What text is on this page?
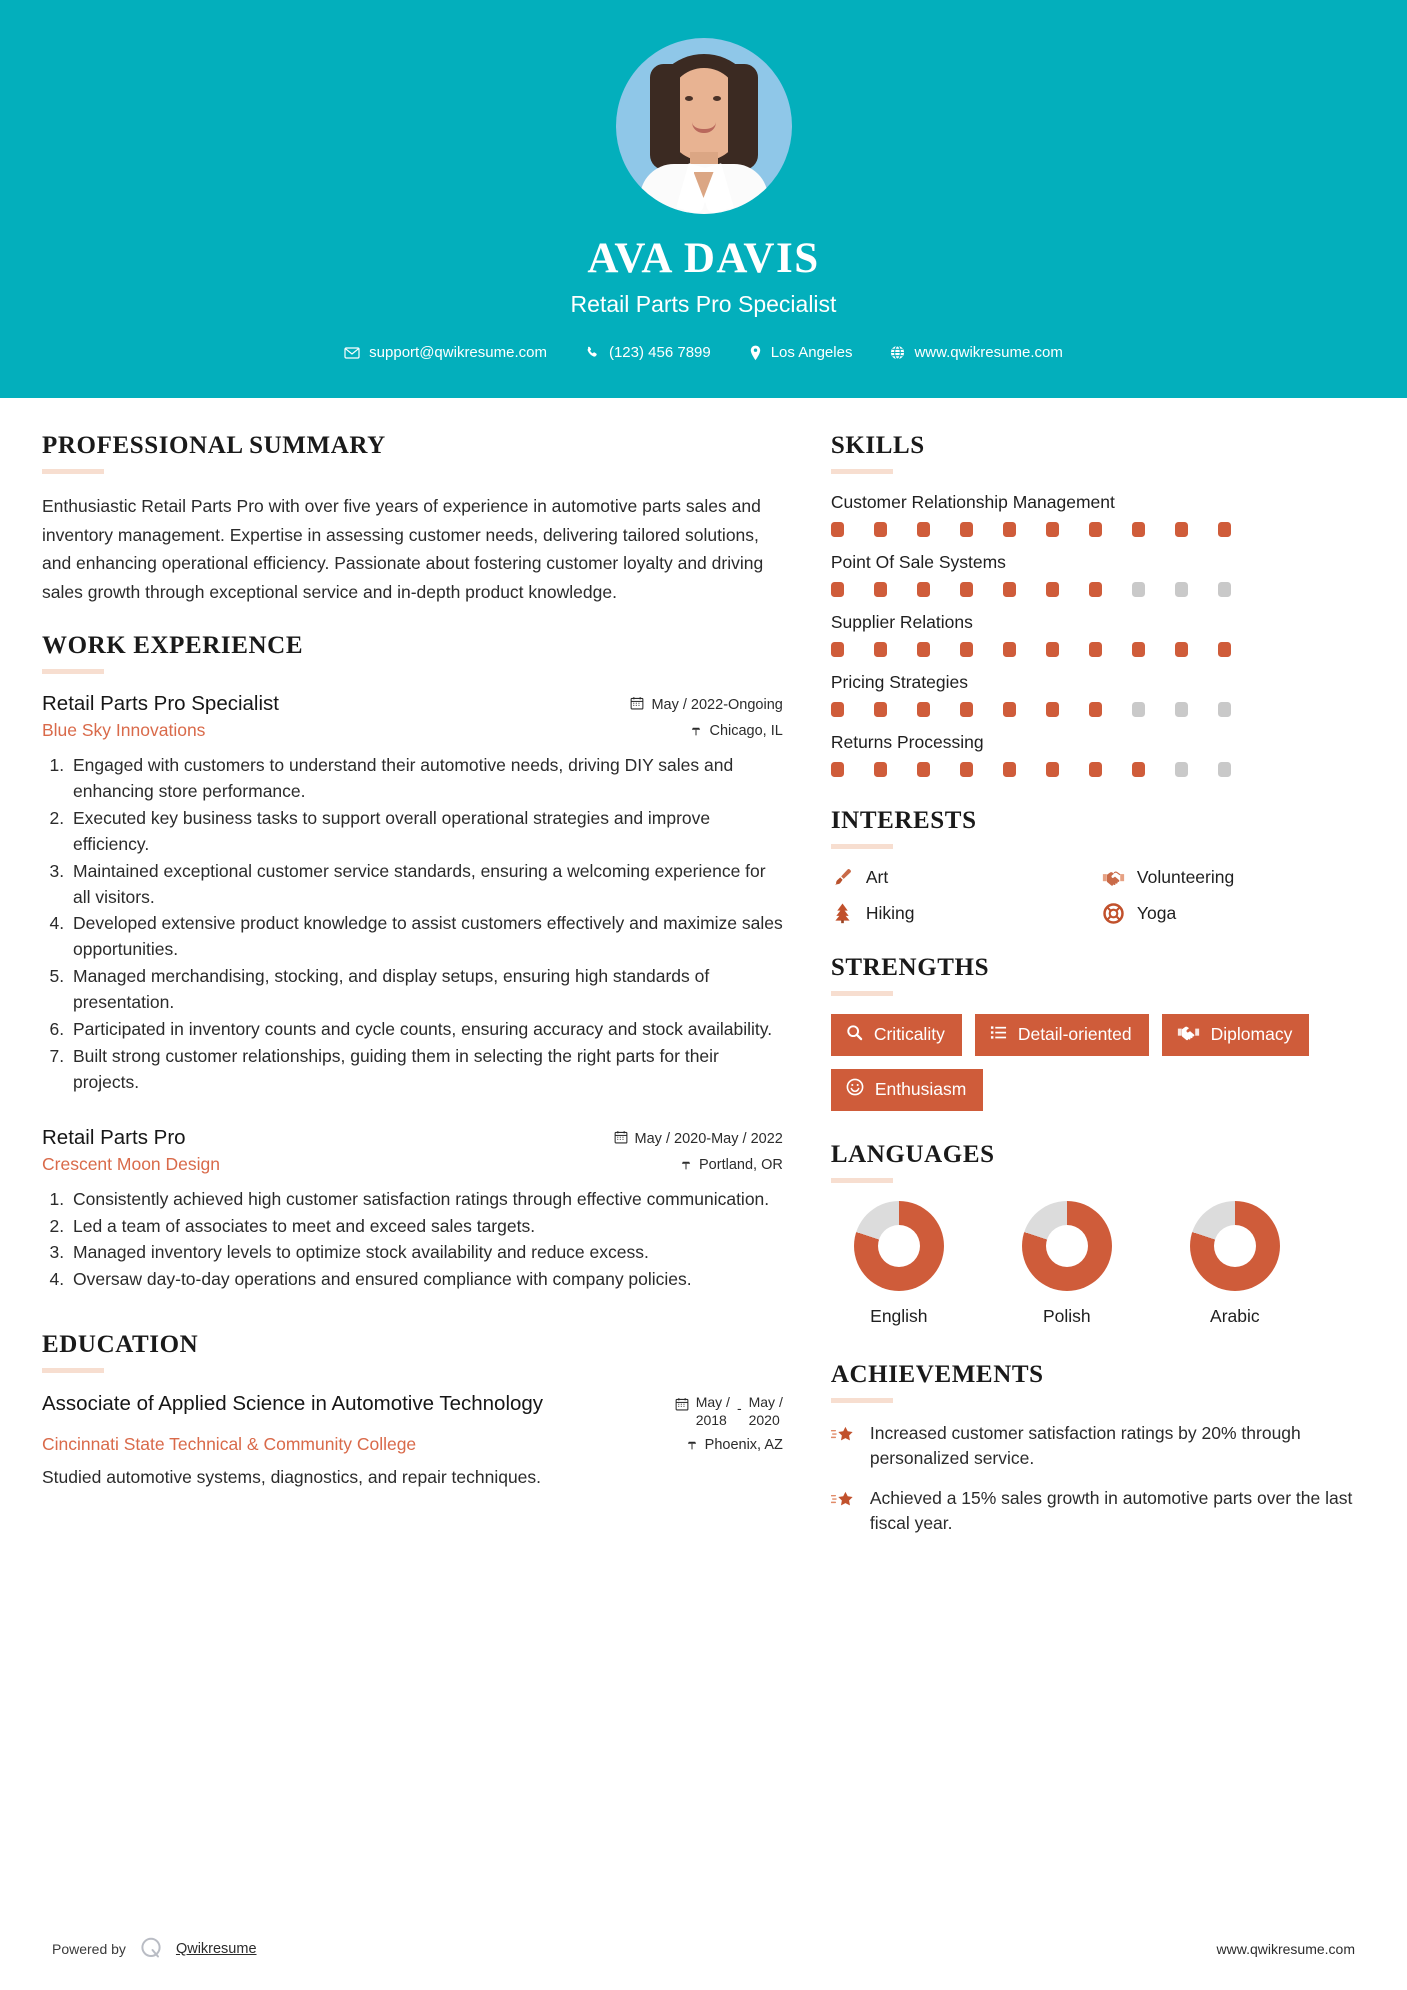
AVA DAVIS
Retail Parts Pro Specialist
support@qwikresume.com	(123) 456 7899	Los Angeles	www.qwikresume.com
PROFESSIONAL SUMMARY
Enthusiastic Retail Parts Pro with over five years of experience in automotive parts sales and inventory management. Expertise in assessing customer needs, delivering tailored solutions, and enhancing operational efficiency. Passionate about fostering customer loyalty and driving sales growth through exceptional service and in-depth product knowledge.
WORK EXPERIENCE
Retail Parts Pro Specialist	May / 2022-Ongoing
Blue Sky Innovations	Chicago, IL
1. Engaged with customers to understand their automotive needs, driving DIY sales and enhancing store performance.
2. Executed key business tasks to support overall operational strategies and improve efficiency.
3. Maintained exceptional customer service standards, ensuring a welcoming experience for all visitors.
4. Developed extensive product knowledge to assist customers effectively and maximize sales opportunities.
5. Managed merchandising, stocking, and display setups, ensuring high standards of presentation.
6. Participated in inventory counts and cycle counts, ensuring accuracy and stock availability.
7. Built strong customer relationships, guiding them in selecting the right parts for their projects.
Retail Parts Pro	May / 2020-May / 2022
Crescent Moon Design	Portland, OR
1. Consistently achieved high customer satisfaction ratings through effective communication.
2. Led a team of associates to meet and exceed sales targets.
3. Managed inventory levels to optimize stock availability and reduce excess.
4. Oversaw day-to-day operations and ensured compliance with company policies.
EDUCATION
Associate of Applied Science in Automotive Technology	May /
2018
- May /
2020
Cincinnati State Technical & Community College	Phoenix, AZ
Studied automotive systems, diagnostics, and repair techniques.
SKILLS
Customer Relationship Management
Point Of Sale Systems
Supplier Relations
Pricing Strategies
Returns Processing
INTERESTS
Art	Volunteering
Hiking	Yoga
STRENGTHS
Criticality	Detail-oriented	Diplomacy
Enthusiasm
LANGUAGES
English	Polish	Arabic
ACHIEVEMENTS
Increased customer satisfaction ratings by 20% through personalized service.
Achieved a 15% sales growth in automotive parts over the last fiscal year.
Powered by	Qwikresume	www.qwikresume.com
